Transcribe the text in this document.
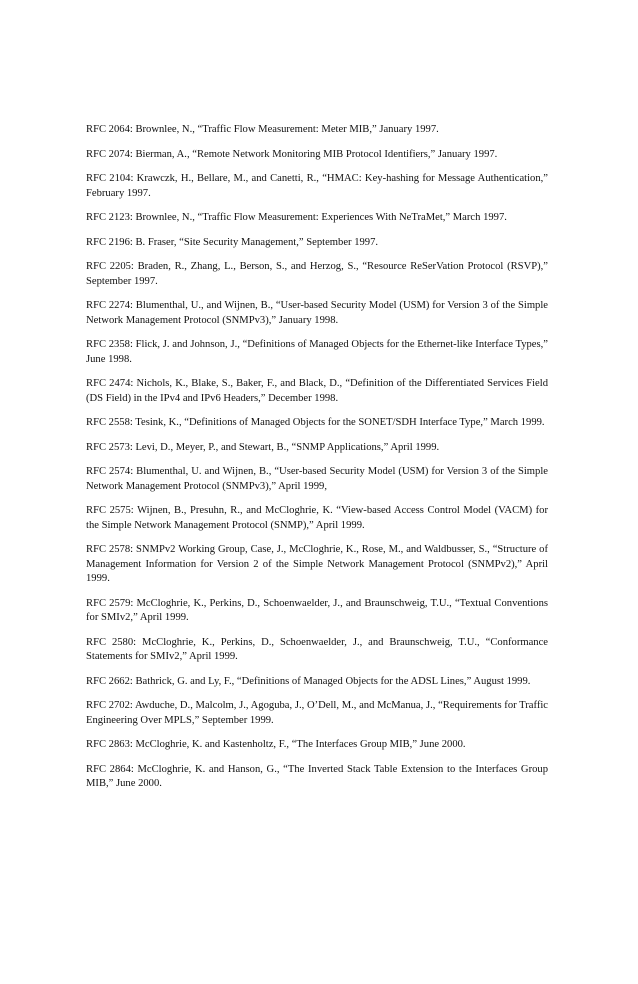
RFC 2064: Brownlee, N., “Traffic Flow Measurement: Meter MIB,” January 1997.

RFC 2074: Bierman, A., “Remote Network Monitoring MIB Protocol Identifiers,” January 1997.

RFC 2104: Krawczk, H., Bellare, M., and Canetti, R., “HMAC: Key-hashing for Message Authentication,” February 1997.

RFC 2123: Brownlee, N., “Traffic Flow Measurement: Experiences With NeTraMet,” March 1997.

RFC 2196: B. Fraser, “Site Security Management,” September 1997.

RFC 2205: Braden, R., Zhang, L., Berson, S., and Herzog, S., “Resource ReSerVation Protocol (RSVP),” September 1997.

RFC 2274: Blumenthal, U., and Wijnen, B., “User-based Security Model (USM) for Version 3 of the Simple Network Management Protocol (SNMPv3),” January 1998.

RFC 2358: Flick, J. and Johnson, J., “Definitions of Managed Objects for the Ethernet-like Interface Types,” June 1998.

RFC 2474: Nichols, K., Blake, S., Baker, F., and Black, D., “Definition of the Differentiated Services Field (DS Field) in the IPv4 and IPv6 Headers,” December 1998.

RFC 2558: Tesink, K., “Definitions of Managed Objects for the SONET/SDH Interface Type,” March 1999.

RFC 2573: Levi, D., Meyer, P., and Stewart, B., “SNMP Applications,” April 1999.

RFC 2574: Blumenthal, U. and Wijnen, B., “User-based Security Model (USM) for Version 3 of the Simple Network Management Protocol (SNMPv3),” April 1999,

RFC 2575: Wijnen, B., Presuhn, R., and McCloghrie, K. “View-based Access Control Model (VACM) for the Simple Network Management Protocol (SNMP),” April 1999.

RFC 2578: SNMPv2 Working Group, Case, J., McCloghrie, K., Rose, M., and Waldbusser, S., “Structure of Management Information for Version 2 of the Simple Network Management Protocol (SNMPv2),” April 1999.

RFC 2579: McCloghrie, K., Perkins, D., Schoenwaelder, J., and Braunschweig, T.U., “Textual Conventions for SMIv2,” April 1999.

RFC 2580: McCloghrie, K., Perkins, D., Schoenwaelder, J., and Braunschweig, T.U., “Conformance Statements for SMIv2,” April 1999.

RFC 2662: Bathrick, G. and Ly, F., “Definitions of Managed Objects for the ADSL Lines,” August 1999.

RFC 2702: Awduche, D., Malcolm, J., Agoguba, J., O’Dell, M., and McManua, J., “Requirements for Traffic Engineering Over MPLS,” September 1999.

RFC 2863: McCloghrie, K. and Kastenholtz, F., “The Interfaces Group MIB,” June 2000.

RFC 2864: McCloghrie, K. and Hanson, G., “The Inverted Stack Table Extension to the Interfaces Group MIB,” June 2000.
